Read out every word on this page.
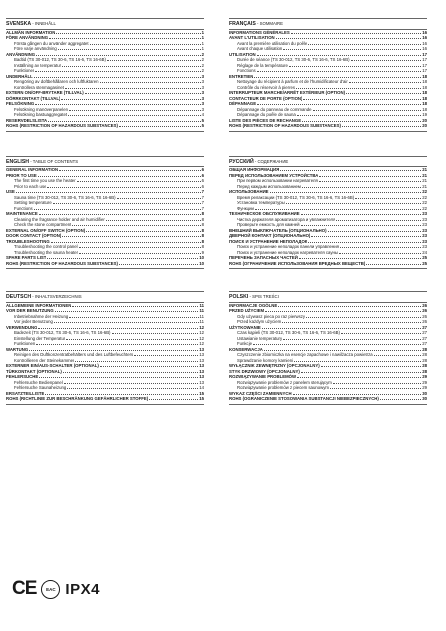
SVENSKA - INNEHÅLL
ALLMÄN INFORMATION	1
FÖRE ANVÄNDNING	1
Första gången du använder aggregatet	1
Före varje användning	1
ANVÄNDNING	2
Badtid (TS 30-012, TS 30-6, TS 16-6, TS 16-6B)	2
Inställning av temperatur	2
Funktioner	2
UNDERHÅLL	3
Rengöring av doftbehållaren och luftfuktaren	3
Kontrollera stenmagasinet	3
EXTERN ON/OFF-BRYTARE (TILLVAL)	3
DÖRRKONTAKT (TILLVAL)	3
FELSÖKNING	3
Felsökning manöverpanelen	3
Felsökning bastuaggregatet	4
RESERVDELSLISTA	5
ROHS (RESTRICTION OF HAZARDOUS SUBSTANCES)	5
ENGLISH - TABLE OF CONTENTS
GENERAL INFORMATION	6
PRIOR TO USE	6
The first time you use the heater	6
Prior to each use	6
USE	7
Sauna time (TS 30-012, TS 30-6, TS 16-6, TS 16-6B)	7
Setting temperature	7
Functions	7
MAINTENANCE	8
Cleaning the fragrance holder and air humidifier	8
Check the stone compartment	8
EXTERNAL ON/OFF SWITCH (OPTION)	8
DOOR CONTACT (OPTION)	8
TROUBLESHOOTING	8
Troubleshooting the control panel	8
Troubleshooting the sauna heater	9
SPARE PARTS LIST	10
ROHS (RESTRICTION OF HAZARDOUS SUBSTANCES)	10
DEUTSCH - INHALTSVERZEICHNIS
ALLGEMEINE INFORMATIONEN	11
VOR DER BENUTZUNG	11
Inbetriebnahme der Heizung	11
Vor jeder Benutzung	11
VERWENDUNG	12
Badezeit (TS 30-012, TS 30-6, TS 16-6, TS 16-6B)	12
Einstellung der Temperatur	12
Funktionen	12
WARTUNG	13
Reinigen des Duftkonzentratbehälters und des Luftbefeuchters	13
Kontrollieren der Steinekammer	13
EXTERNER EIN/AUS-SCHALTER (OPTIONAL)	13
TÜRKONTAKT (OPTIONAL)	13
FEHLERSUCHE	13
Fehlersuche Bedienpanel	13
Fehlersuche Saunaheizung	14
ERSATZTEILLISTE	15
ROHS (RICHTLINIE ZUR BESCHRÄNKUNG GEFÄHRLICHER STOFFE)	15
FRANÇAIS - SOMMAIRE
INFORMATIONS GÉNÉRALES	16
AVANT L'UTILISATION	16
Avant la première utilisation du poêle	16
Avant chaque utilisation	16
UTILISATION	17
Durée de séance (TS 30-012, TS 30-6, TS 16-6, TS 16-6B)	17
Réglage de la température	17
Fonctions	17
ENTRETIEN	18
Nettoyage du récipient à parfum et de l'humidificateur d'air	18
Contrôle du réservoir à pierres	18
INTERRUPTEUR MARCHE/ARRÊT EXTÉRIEUR (OPTION)	18
CONTACTEUR DE PORTE (OPTION)	18
DÉPANNAGE	18
Dépannage du panneau de commande	18
Dépannage du poêle de sauna	19
LISTE DES PIÈCES DE RECHANGE	20
ROHS (RESTRICTION OF HAZARDOUS SUBSTANCES)	20
РУССКИЙ - СОДЕРЖАНИЕ
ОБЩАЯ ИНФОРМАЦИЯ	21
ПЕРЕД ИСПОЛЬЗОВАНИЕМ УСТРОЙСТВА	21
При первом использовании нагревателя	21
Перед каждым использованием	21
ИСПОЛЬЗОВАНИЕ	22
Время релаксации (TS 30-012, TS 30-6, TS 16-6, TS 16-6B)	22
Установка температуры	22
Функции	22
ТЕХНИЧЕСКОЕ ОБСЛУЖИВАНИЕ	23
Чистка держателя ароматизатора и увлажнителя	23
Проверьте емкость для камней	23
ВНЕШНИЙ ВЫКЛЮЧАТЕЛЬ (ОПЦИОНАЛЬНО)	23
ДВЕРНОЙ КОНТАКТ (ОПЦИОНАЛЬНО)	23
ПОИСК И УСТРАНЕНИЕ НЕПОЛАДОК	23
Поиск и устранение неполадок панели управления	23
Поиск и устранение неполадок нагревателя сауны	24
ПЕРЕЧЕНЬ ЗАПАСНЫХ ЧАСТЕЙ	25
ROHS (ОГРАНИЧЕНИЕ ИСПОЛЬЗОВАНИЯ ВРЕДНЫХ ВЕЩЕСТВ)	25
POLSKI - SPIS TREŚCI
INFORMACJE OGÓLNE	26
PRZED UŻYCIEM	26
Gdy używasz pieca po raz pierwszy	26
Przed każdym użyciem	26
UŻYTKOWANIE	27
Czas kąpieli (TS 30-012, TS 30-6, TS 16-6, TS 16-6B)	27
Ustawianie temperatury	27
Funkcje	27
KONSERWACJA	28
Czyszczenie zbiorniczka na esencje zapachowe i nawilżacza powietrza	28
Sprawdzanie komory kamieni	28
WYŁĄCZNIK ZEWNĘTRZNY (OPCJONALNY)	28
STYK DRZWIOWY (OPCJONALNY)	28
ROZWIĄZYWANIE PROBLEMÓW	29
Rozwiązywanie problemów z panelem sterującym	29
Rozwiązywanie problemów z piecem saunowym	29
WYKAZ CZĘŚCI ZAMIENNYCH	30
ROHS (OGRANICZENIE STOSOWANIA SUBSTANCJI NIEBEZPIECZNYCH)	30
CE	EAC IPX4
